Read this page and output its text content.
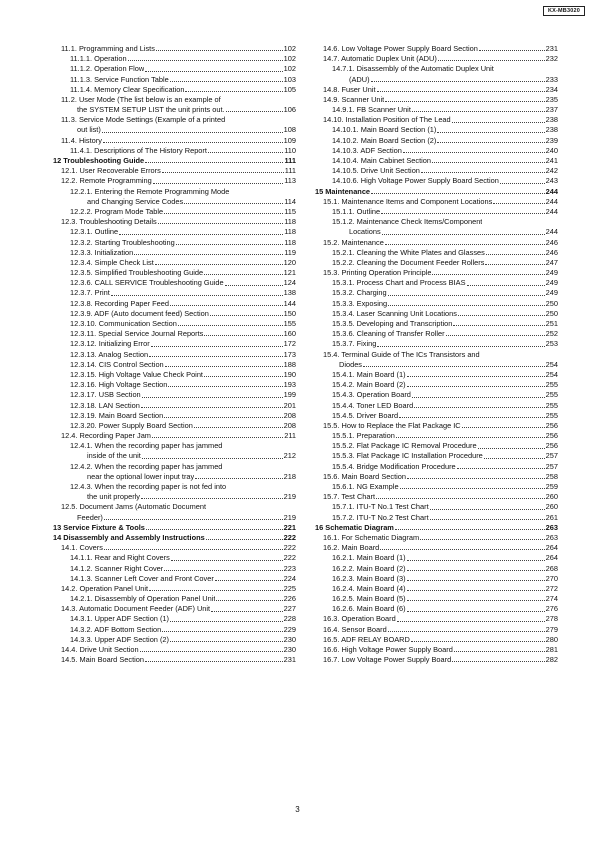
KX-MB3020
11.1. Programming and Lists	102
11.1.1. Operation	102
11.1.2. Operation Flow	102
11.1.3. Service Function Table	103
11.1.4. Memory Clear Specification	105
11.2. User Mode (The list below is an example of
the SYSTEM SETUP LIST the unit prints out.	106
11.3. Service Mode Settings (Example of a printed
out list)	108
11.4. History	109
11.4.1. Descriptions of The History Report	110
12 Troubleshooting Guide	111
12.1. User Recoverable Errors	111
12.2. Remote Programming	113
12.2.1. Entering the Remote Programming Mode
and Changing Service Codes	114
12.2.2. Program Mode Table	115
12.3. Troubleshooting Details	118
12.3.1. Outline	118
12.3.2. Starting Troubleshooting	118
12.3.3. Initialization	119
12.3.4. Simple Check List	120
12.3.5. Simplified Troubleshooting Guide	121
12.3.6. CALL SERVICE Troubleshooting Guide	124
12.3.7. Print	138
12.3.8. Recording Paper Feed	144
12.3.9. ADF (Auto document feed) Section	150
12.3.10. Communication Section	155
12.3.11. Special Service Journal Reports	160
12.3.12. Initializing Error	172
12.3.13. Analog Section	173
12.3.14. CIS Control Section	188
12.3.15. High Voltage Value Check Point	190
12.3.16. High Voltage Section	193
12.3.17. USB Section	199
12.3.18. LAN Section	201
12.3.19. Main Board Section	208
12.3.20. Power Supply Board Section	208
12.4. Recording Paper Jam	211
12.4.1. When the recording paper has jammed
inside of the unit	212
12.4.2. When the recording paper has jammed
near the optional lower input tray	218
12.4.3. When the recording paper is not fed into
the unit properly	219
12.5. Document Jams (Automatic Document
Feeder)	219
13 Service Fixture & Tools	221
14 Disassembly and Assembly Instructions	222
14.1. Covers	222
14.1.1. Rear and Right Covers	222
14.1.2. Scanner Right Cover	223
14.1.3. Scanner Left Cover and Front Cover	224
14.2. Operation Panel Unit	225
14.2.1. Disassembly of Operation Panel Unit	226
14.3. Automatic Document Feeder (ADF) Unit	227
14.3.1. Upper ADF Section (1)	228
14.3.2. ADF Bottom Section	229
14.3.3. Upper ADF Section (2)	230
14.4. Drive Unit Section	230
14.5. Main Board Section	231
14.6. Low Voltage Power Supply Board Section	231
14.7. Automatic Duplex Unit (ADU)	232
14.7.1. Disassembly of the Automatic Duplex Unit
(ADU)	233
14.8. Fuser Unit	234
14.9. Scanner Unit	235
14.9.1. FB Scanner Unit	237
14.10. Installation Position of The Lead	238
14.10.1. Main Board Section (1)	238
14.10.2. Main Board Section (2)	239
14.10.3. ADF Section	240
14.10.4. Main Cabinet Section	241
14.10.5. Drive Unit Section	242
14.10.6. High Voltage Power Supply Board Section	243
15 Maintenance	244
15.1. Maintenance Items and Component Locations	244
15.1.1. Outline	244
15.1.2. Maintenance Check Items/Component
Locations	244
15.2. Maintenance	246
15.2.1. Cleaning the White Plates and Glasses	246
15.2.2. Cleaning the Document Feeder Rollers	247
15.3. Printing Operation Principle	249
15.3.1. Process Chart and Process BIAS	249
15.3.2. Charging	249
15.3.3. Exposing	250
15.3.4. Laser Scanning Unit Locations	250
15.3.5. Developing and Transcription	251
15.3.6. Cleaning of Transfer Roller	252
15.3.7. Fixing	253
15.4. Terminal Guide of The ICs Transistors and
Diodes	254
15.4.1. Main Board (1)	254
15.4.2. Main Board (2)	255
15.4.3. Operation Board	255
15.4.4. Toner LED Board	255
15.4.5. Driver Board	255
15.5. How to Replace the Flat Package IC	256
15.5.1. Preparation	256
15.5.2. Flat Package IC Removal Procedure	256
15.5.3. Flat Package IC Installation Procedure	257
15.5.4. Bridge Modification Procedure	257
15.6. Main Board Section	258
15.6.1. NG Example	259
15.7. Test Chart	260
15.7.1. ITU-T No.1 Test Chart	260
15.7.2. ITU-T No.2 Test Chart	261
16 Schematic Diagram	263
16.1. For Schematic Diagram	263
16.2. Main Board	264
16.2.1. Main Board (1)	264
16.2.2. Main Board (2)	268
16.2.3. Main Board (3)	270
16.2.4. Main Board (4)	272
16.2.5. Main Board (5)	274
16.2.6. Main Board (6)	276
16.3. Operation Board	278
16.4. Sensor Board	279
16.5. ADF RELAY BOARD	280
16.6. High Voltage Power Supply Board	281
16.7. Low Voltage Power Supply Board	282
3
